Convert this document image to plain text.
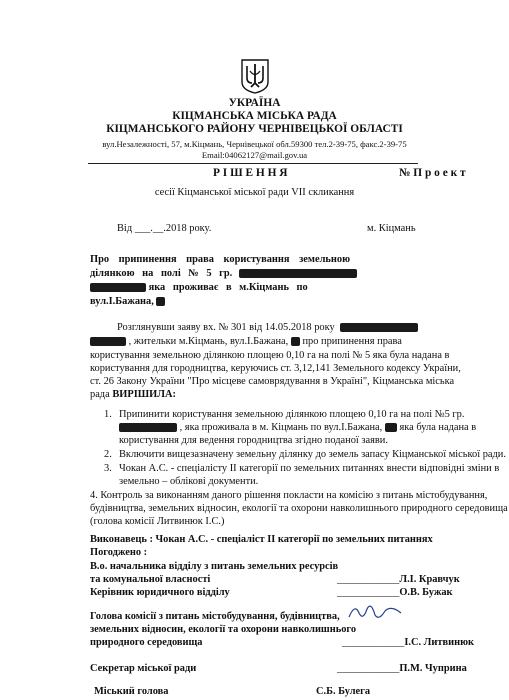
УКРАЇНА
КІЦМАНСЬКА МІСЬКА РАДА
КІЦМАНСЬКОГО РАЙОНУ ЧЕРНІВЕЦЬКОЇ ОБЛАСТІ
вул.Незалежності, 57, м.Кіцмань, Чернівецької обл.59300 тел.2-39-75, факс.2-39-75
Email:04062127@mail.gov.ua
Р І Ш Е Н Н Я	№ П р о е к т
сесії Кіцманської міської ради VII скликання
Від ___.__.2018 року.	м. Кіцмань
Про припинення права користування земельною
ділянкою на полі № 5 гр.
яка проживає в м.Кіцмань по
вул.І.Бажана,
Розглянувши заяву вх. № 301 від 14.05.2018 року
, жительки м.Кіцмань, вул.І.Бажана, про припинення права
користування земельною ділянкою площею 0,10 га на полі № 5 яка була надана в
користування для городництва, керуючись ст. 3,12,141 Земельного кодексу України,
ст. 26 Закону України "Про місцеве самоврядування в Україні", Кіцманська міська
рада ВИРІШИЛА:
1. Припинити користування земельною ділянкою площею 0,10 га на полі №5 гр.
, яка проживала в м. Кіцмань по вул.І.Бажана, яка була надана в
користування для ведення городництва згідно поданої заяви.
2. Включити вищезазначену земельну ділянку до земель запасу Кіцманської міської ради.
3. Чокан А.С. - спеціалісту ІІ категорії по земельних питаннях внести відповідні зміни в
земельно – облікові документи.
4. Контроль за виконанням даного рішення покласти на комісію з питань містобудування,
будівництва, земельних відносин, екології та охорони навколишнього природного середовища
(голова комісії Литвинюк І.С.)
Виконавець : Чокан А.С. - спеціаліст ІІ категорії по земельних питаннях
Погоджено :
В.о. начальника відділу з питань земельних ресурсів
та комунальної власності	____________Л.І. Кравчук
Керівник юридичного відділу	____________О.В. Бужак
Голова комісії з питань містобудування, будівництва,
земельних відносин, екології та охорони навколишнього
природного середовища	____________І.С. Литвинюк
Секретар міської ради	____________П.М. Чуприна
Міський голова	С.Б. Булега
